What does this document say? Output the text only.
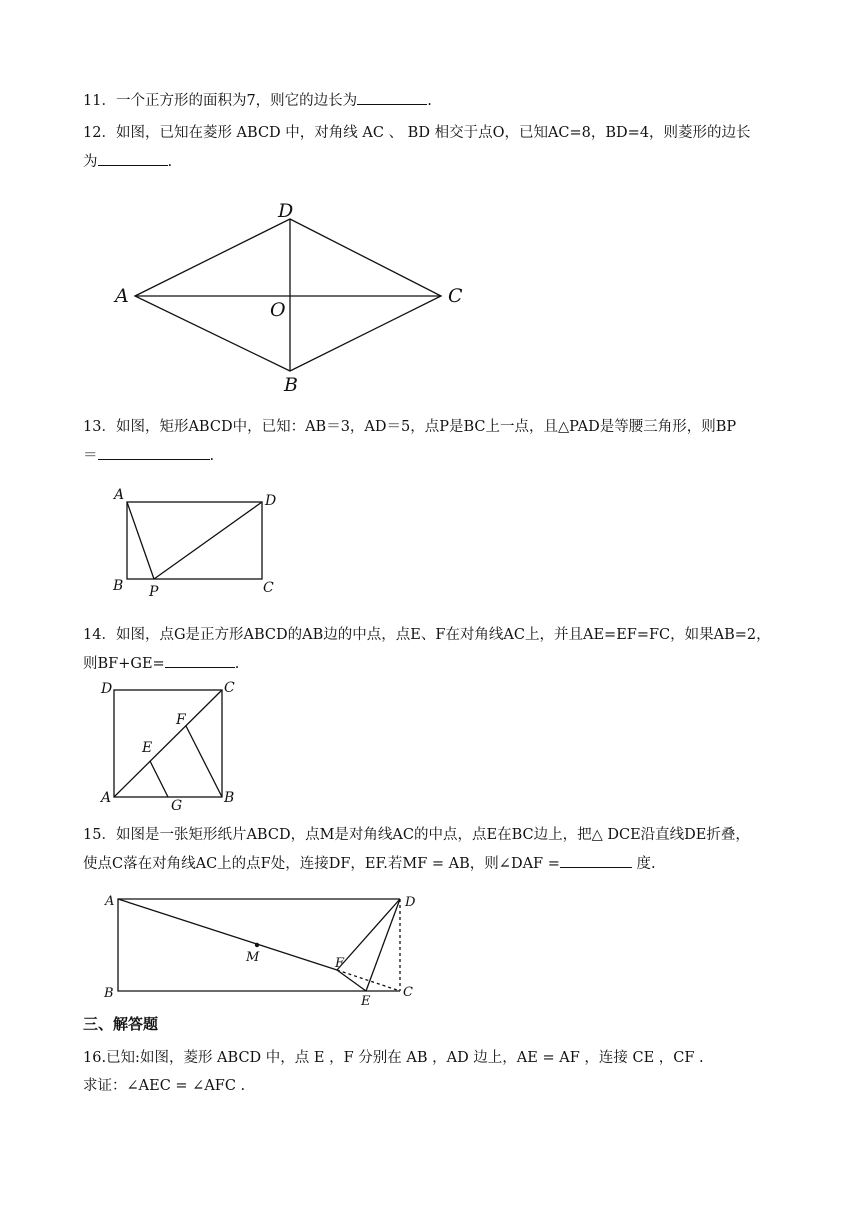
11．一个正方形的面积为7，则它的边长为	.

12．如图，已知在菱形 ABCD 中，对角线 AC 、 BD 相交于点O，已知AC=8，BD=4，则菱形的边长
为	.

A
D
C
B
O

13．如图，矩形ABCD中，已知：AB＝3，AD＝5，点P是BC上一点，且△PAD是等腰三角形，则BP
＝	.

A	D
B P	C

14．如图，点G是正方形ABCD的AB边的中点，点E、F在对角线AC上，并且AE=EF=FC，如果AB=2，
则BF+GE=	.

D	C
F
E
A	G	B

15．如图是一张矩形纸片ABCD，点M是对角线AC的中点，点E在BC边上，把△ DCE沿直线DE折叠，
使点C落在对角线AC上的点F处，连接DF，EF.若MF = AB，则∠DAF =	度.

A	D
M	F
B
E
C

三、解答题

16.已知:如图，菱形 ABCD 中，点 E ，F 分别在 AB ，AD 边上，AE = AF ，连接 CE ，CF .
求证：∠AEC = ∠AFC .
